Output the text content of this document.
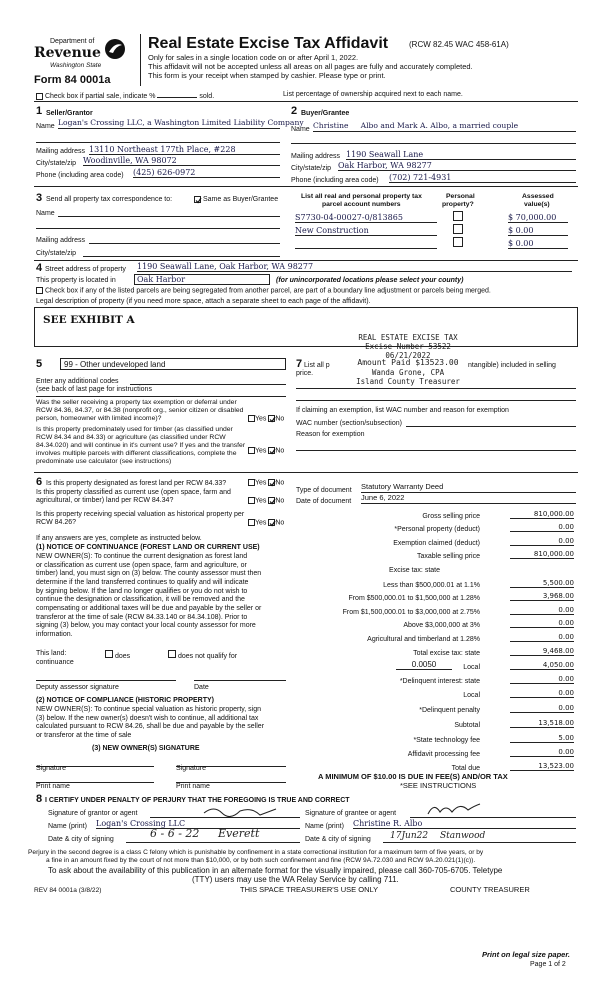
Department of
Revenue
Washington State
Form 84 0001a
Real Estate Excise Tax Affidavit	(RCW 82.45 WAC 458-61A)
Only for sales in a single location code on or after April 1, 2022.
This affidavit will not be accepted unless all areas on all pages are fully and accurately completed.
This form is your receipt when stamped by cashier. Please type or print.
Check box if partial sale, indicate %	sold.	List percentage of ownership acquired next to each name.
1 Seller/Grantor
Name Logan's Crossing LLC, a Washington Limited Liability Company
Mailing address 13110 Northeast 177th Place, #228
City/state/zip Woodinville, WA 98072
Phone (including area code) (425) 626-0972
2 Buyer/Grantee
Name Christine     Albo and Mark A. Albo, a married couple
Mailing address 1190 Seawall Lane
City/state/zip Oak Harbor, WA 98277
Phone (including area code) (702) 721-4931
3 Send all property tax correspondence to:	Same as Buyer/Grantee
Name
Mailing address
City/state/zip
List all real and personal property tax
parcel account numbers
Personal
property?
Assessed
value(s)
S7730-04-00027-0/813865	$ 70,000.00
New Construction	$ 0.00
$ 0.00
4 Street address of property 1190 Seawall Lane, Oak Harbor, WA 98277
This property is located in	Oak Harbor	(for unincorporated locations please select your county)
Check box if any of the listed parcels are being segregated from another parcel, are part of a boundary line adjustment or parcels being merged.
Legal description of property (if you need more space, attach a separate sheet to each page of the affidavit).
SEE EXHIBIT A
REAL ESTATE EXCISE TAX
Excise Number 53522
06/21/2022
5	99 - Other undeveloped land
Enter any additional codes
(see back of last page for instructions
Was the seller receiving a property tax exemption or deferral under RCW 84.36, 84.37, or 84.38 (nonprofit org., senior citizen or disabled person, homeowner with limited income)?	Yes No
Is this property predominately used for timber (as classified under RCW 84.34 and 84.33) or agriculture (as classified under RCW 84.34.020) and will continue in it's current use? If yes and the transfer involves multiple parcels with different classifications, complete the predominate use calculator (see instructions)
Yes No
7 List all p	ntangible) included in selling
price.
Amount Paid $13523.00
Wanda Grone, CPA
Island County Treasurer
If claiming an exemption, list WAC number and reason for exemption
WAC number (section/subsection)
Reason for exemption
6 Is this property designated as forest land per RCW 84.33?	Yes No
Is this property classified as current use (open space, farm and agricultural, or timber) land per RCW 84.34?	Yes No
Is this property receiving special valuation as historical property per RCW 84.26?	Yes No
If any answers are yes, complete as instructed below.
(1) NOTICE OF CONTINUANCE (FOREST LAND OR CURRENT USE)
NEW OWNER(S): To continue the current designation as forest land
or classification as current use (open space, farm and agriculture, or
timber) land, you must sign on (3) below. The county assessor must then
determine if the land transferred continues to qualify and will indicate
by signing below. If the land no longer qualifies or you do not wish to
continue the designation or classification, it will be removed and the
compensating or additional taxes will be due and payable by the seller or
transferor at the time of sale (RCW 84.33.140 or 84.34.108). Prior to
signing (3) below, you may contact your local county assessor for more
information.
This land:
continuance
does	does not qualify for
Deputy assessor signature	Date
(2) NOTICE OF COMPLIANCE (HISTORIC PROPERTY)
NEW OWNER(S): To continue special valuation as historic property, sign
(3) below. If the new owner(s) doesn't wish to continue, all additional tax
calculated pursuant to RCW 84.26, shall be due and payable by the seller
or transferor at the time of sale
(3) NEW OWNER(S) SIGNATURE
Signature	Signature
Print name	Print name
Type of document Statutory Warranty Deed
Date of document June 6, 2022
Gross selling price	810,000.00
*Personal property (deduct)	0.00
Exemption claimed (deduct)	0.00
Taxable selling price	810,000.00
Excise tax: state
Less than $500,000.01 at 1.1%	5,500.00
From $500,000.01 to $1,500,000 at 1.28%	3,968.00
From $1,500,000.01 to $3,000,000 at 2.75%	0.00
Above $3,000,000 at 3%	0.00
Agricultural and timberland at 1.28%	0.00
Total excise tax: state	9,468.00
0.0050	Local	4,050.00
*Delinquent interest: state	0.00
Local	0.00
*Delinquent penalty	0.00
Subtotal	13,518.00
*State technology fee	5.00
Affidavit processing fee	0.00
Total due	13,523.00
A MINIMUM OF $10.00 IS DUE IN FEE(S) AND/OR TAX
*SEE INSTRUCTIONS
8 I CERTIFY UNDER PENALTY OF PERJURY THAT THE FOREGOING IS TRUE AND CORRECT
Signature of grantor or agent
Name (print) Logan's Crossing LLC
Date & city of signing	6 - 6 - 22 Everett
Signature of grantee or agent
Name (print) Christine R. Albo
Date & city of signing 17Jun22 Stanwood
Perjury in the second degree is a class C felony which is punishable by confinement in a state correctional institution for a maximum term of five years, or by
a fine in an amount fixed by the court of not more than $10,000, or by both such confinement and fine (RCW 9A.72.030 and RCW 9A.20.021(1)(c)).
To ask about the availability of this publication in an alternate format for the visually impaired, please call 360-705-6705. Teletype
(TTY) users may use the WA Relay Service by calling 711.
REV 84 0001a (3/8/22)	THIS SPACE TREASURER'S USE ONLY	COUNTY TREASURER
Print on legal size paper.
Page 1 of 2
